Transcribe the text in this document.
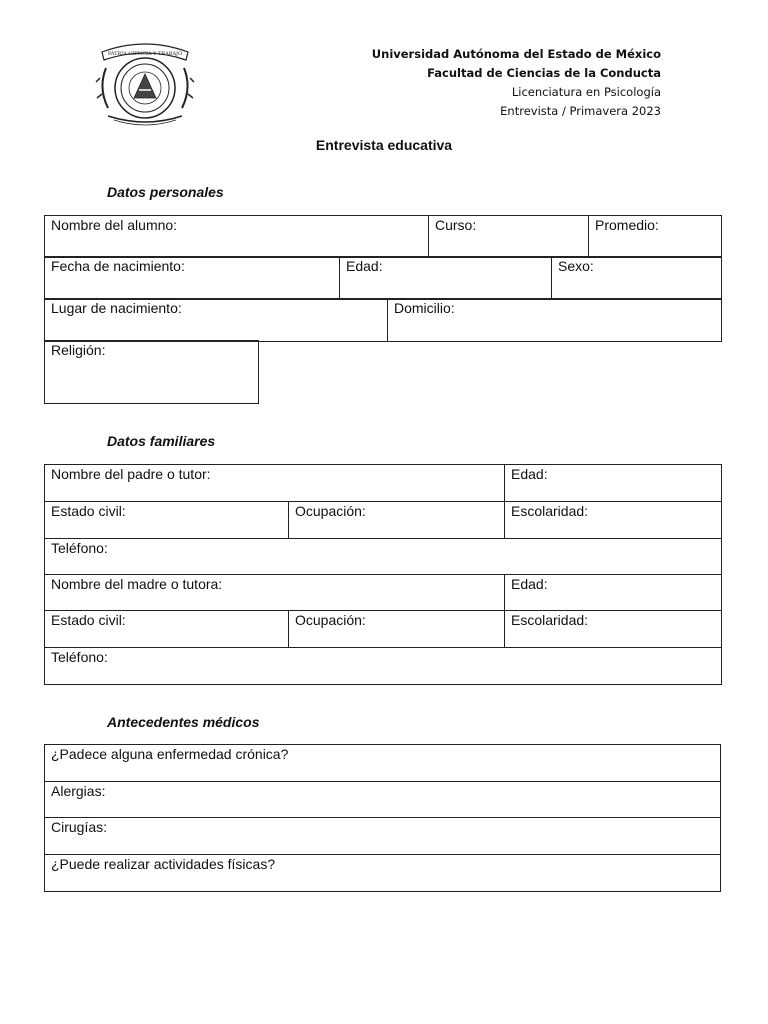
PATRIA CIENCIA Y TRABAJO	Universidad Autónoma del Estado de México
Facultad de Ciencias de la Conducta
Licenciatura en Psicología
Entrevista / Primavera 2023
Entrevista educativa
Datos personales
Nombre del alumno:	Curso:	Promedio:
Fecha de nacimiento:	Edad:	Sexo:
Lugar de nacimiento:	Domicilio:
Religión:
Datos familiares
Nombre del padre o tutor:		Edad:
Estado civil:	Ocupación:	Escolaridad:
Teléfono:		
Nombre del madre o tutora:		Edad:
Estado civil:	Ocupación:	Escolaridad:
Teléfono:		
Antecedentes médicos
¿Padece alguna enfermedad crónica?
Alergias:
Cirugías:
¿Puede realizar actividades físicas?
